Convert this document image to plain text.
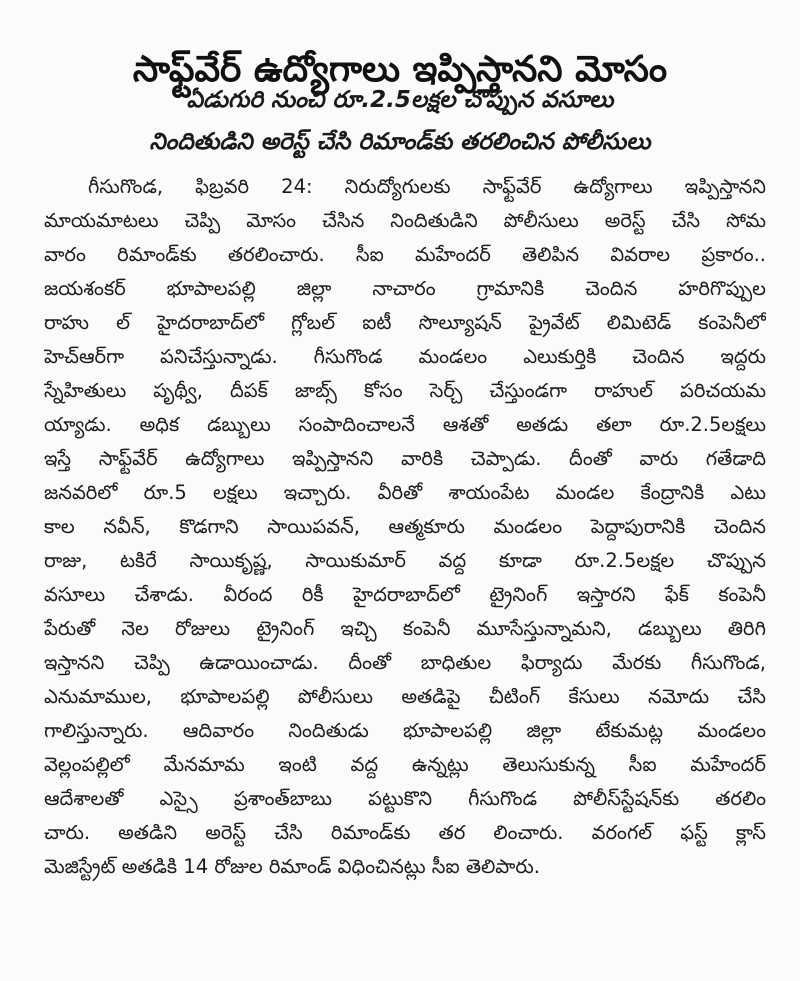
సాఫ్ట్‌వేర్ ఉద్యోగాలు ఇప్పిస్తానని మోసం
ఏడుగురి నుంచి రూ.2.5లక్షల చొప్పున వసూలు
నిందితుడిని అరెస్ట్ చేసి రిమాండ్‌కు తరలించిన పోలీసులు
గీసుగొండ, ఫిబ్రవరి 24: నిరుద్యోగులకు సాఫ్ట్‌వేర్ ఉద్యోగాలు ఇప్పిస్తానని
మాయమాటలు చెప్పి మోసం చేసిన నిందితుడిని పోలీసులు అరెస్ట్ చేసి సోమ
వారం రిమాండ్‌కు తరలించారు. సీఐ మహేందర్ తెలిపిన వివరాల ప్రకారం..
జయశంకర్ భూపాలపల్లి జిల్లా నాచారం గ్రామానికి చెందిన హరిగొప్పుల
రాహు ల్ హైదరాబాద్‌లో గ్లోబల్ ఐటీ సొల్యూషన్ ప్రైవేట్ లిమిటెడ్ కంపెనీలో
హెచ్‌ఆర్‌గా పనిచేస్తున్నాడు. గీసుగొండ మండలం ఎలుకుర్తికి చెందిన ఇద్దరు
స్నేహితులు పృథ్వీ, దీపక్ జాబ్స్ కోసం సెర్చ్ చేస్తుండగా రాహుల్ పరిచయమ
య్యాడు. అధిక డబ్బులు సంపాదించాలనే ఆశతో అతడు తలా రూ.2.5లక్షలు
ఇస్తే సాఫ్ట్‌వేర్ ఉద్యోగాలు ఇప్పిస్తానని వారికి చెప్పాడు. దీంతో వారు గతేడాది
జనవరిలో రూ.5 లక్షలు ఇచ్చారు. వీరితో శాయంపేట మండల కేంద్రానికి ఎటు
కాల నవీన్, కొడగాని సాయిపవన్, ఆత్మకూరు మండలం పెద్దాపురానికి చెందిన
రాజు, టకిరే సాయికృష్ణ, సాయికుమార్ వద్ద కూడా రూ.2.5లక్షల చొప్పున
వసూలు చేశాడు. వీరంద రికీ హైదరాబాద్‌లో ట్రైనింగ్ ఇస్తారని ఫేక్ కంపెనీ
పేరుతో నెల రోజులు ట్రైనింగ్ ఇచ్చి కంపెనీ మూసేస్తున్నామని, డబ్బులు తిరిగి
ఇస్తానని చెప్పి ఉడాయించాడు. దీంతో బాధితుల ఫిర్యాదు మేరకు గీసుగొండ,
ఎనుమాముల, భూపాలపల్లి పోలీసులు అతడిపై చీటింగ్ కేసులు నమోదు చేసి
గాలిస్తున్నారు. ఆదివారం నిందితుడు భూపాలపల్లి జిల్లా టేకుమట్ల మండలం
వెల్లంపల్లిలో మేనమామ ఇంటి వద్ద ఉన్నట్లు తెలుసుకున్న సీఐ మహేందర్
ఆదేశాలతో ఎస్సై ప్రశాంత్‌బాబు పట్టుకొని గీసుగొండ పోలీస్‌స్టేషన్‌కు తరలిం
చారు. అతడిని అరెస్ట్ చేసి రిమాండ్‌కు తర లించారు. వరంగల్ ఫస్ట్ క్లాస్
మెజిస్ట్రేట్ అతడికి 14 రోజుల రిమాండ్ విధించినట్లు సీఐ తెలిపారు.
